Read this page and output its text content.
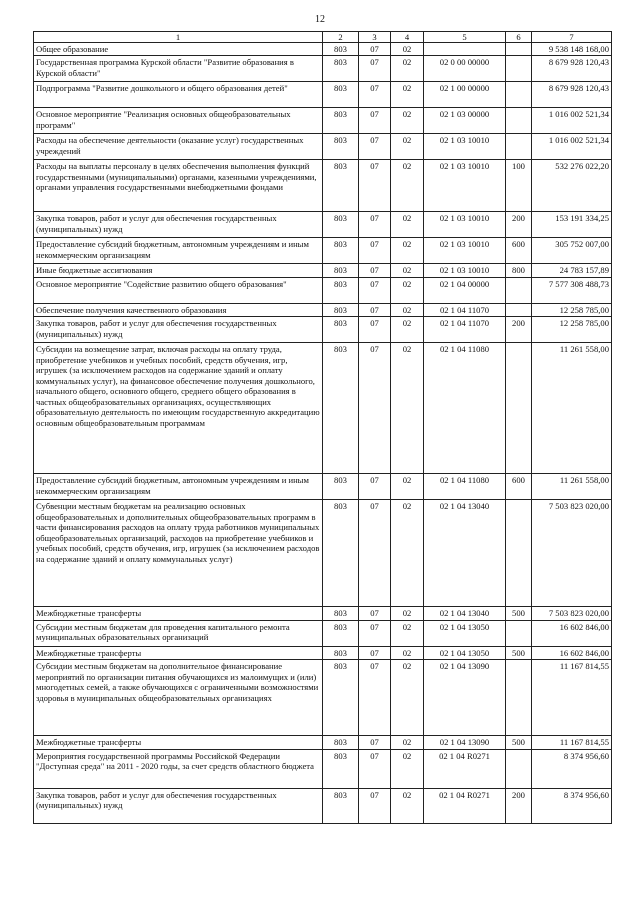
12
1	2	3	4	5	6	7
Общее образование	803	07	02			9 538 148 168,00
Государственная программа Курской области "Развитие образования в Курской области"	803	07	02	02 0 00 00000		8 679 928 120,43
Подпрограмма "Развитие дошкольного и общего образования детей"	803	07	02	02 1 00 00000		8 679 928 120,43
Основное мероприятие "Реализация основных общеобразовательных программ"	803	07	02	02 1 03 00000		1 016 002 521,34
Расходы на обеспечение деятельности (оказание услуг) государственных учреждений	803	07	02	02 1 03 10010		1 016 002 521,34
Расходы на выплаты персоналу в целях обеспечения выполнения функций государственными (муниципальными) органами, казенными учреждениями, органами управления государственными внебюджетными фондами	803	07	02	02 1 03 10010	100	532 276 022,20
Закупка товаров, работ и услуг для обеспечения государственных (муниципальных) нужд	803	07	02	02 1 03 10010	200	153 191 334,25
Предоставление субсидий бюджетным, автономным учреждениям и иным некоммерческим организациям	803	07	02	02 1 03 10010	600	305 752 007,00
Иные бюджетные ассигнования	803	07	02	02 1 03 10010	800	24 783 157,89
Основное мероприятие "Содействие развитию общего образования"	803	07	02	02 1 04 00000		7 577 308 488,73
Обеспечение получения качественного образования	803	07	02	02 1 04 11070		12 258 785,00
Закупка товаров, работ и услуг для обеспечения государственных (муниципальных) нужд	803	07	02	02 1 04 11070	200	12 258 785,00
Субсидии на возмещение затрат, включая расходы на оплату труда, приобретение учебников и учебных пособий, средств обучения, игр, игрушек (за исключением расходов на содержание зданий и оплату коммунальных услуг), на финансовое обеспечение получения дошкольного, начального общего, основного общего, среднего общего образования в частных общеобразовательных организациях, осуществляющих образовательную деятельность по имеющим государственную аккредитацию основным общеобразовательным программам	803	07	02	02 1 04 11080		11 261 558,00
Предоставление субсидий бюджетным, автономным учреждениям и иным некоммерческим организациям	803	07	02	02 1 04 11080	600	11 261 558,00
Субвенции местным бюджетам на реализацию основных общеобразовательных и дополнительных общеобразовательных программ в части финансирования расходов на оплату труда работников муниципальных общеобразовательных организаций, расходов на приобретение учебников и учебных пособий, средств обучения, игр, игрушек (за исключением расходов на содержание зданий и оплату коммунальных услуг)	803	07	02	02 1 04 13040		7 503 823 020,00
Межбюджетные трансферты	803	07	02	02 1 04 13040	500	7 503 823 020,00
Субсидии местным бюджетам для проведения капитального ремонта муниципальных образовательных организаций	803	07	02	02 1 04 13050		16 602 846,00
Межбюджетные трансферты	803	07	02	02 1 04 13050	500	16 602 846,00
Субсидии местным бюджетам на дополнительное финансирование мероприятий по организации питания обучающихся из малоимущих и (или) многодетных семей, а также обучающихся с ограниченными возможностями здоровья в муниципальных общеобразовательных организациях	803	07	02	02 1 04 13090		11 167 814,55
Межбюджетные трансферты	803	07	02	02 1 04 13090	500	11 167 814,55
Мероприятия государственной программы Российской Федерации "Доступная среда" на 2011 - 2020 годы, за счет средств областного бюджета	803	07	02	02 1 04 R0271		8 374 956,60
Закупка товаров, работ и услуг для обеспечения государственных (муниципальных) нужд	803	07	02	02 1 04 R0271	200	8 374 956,60
